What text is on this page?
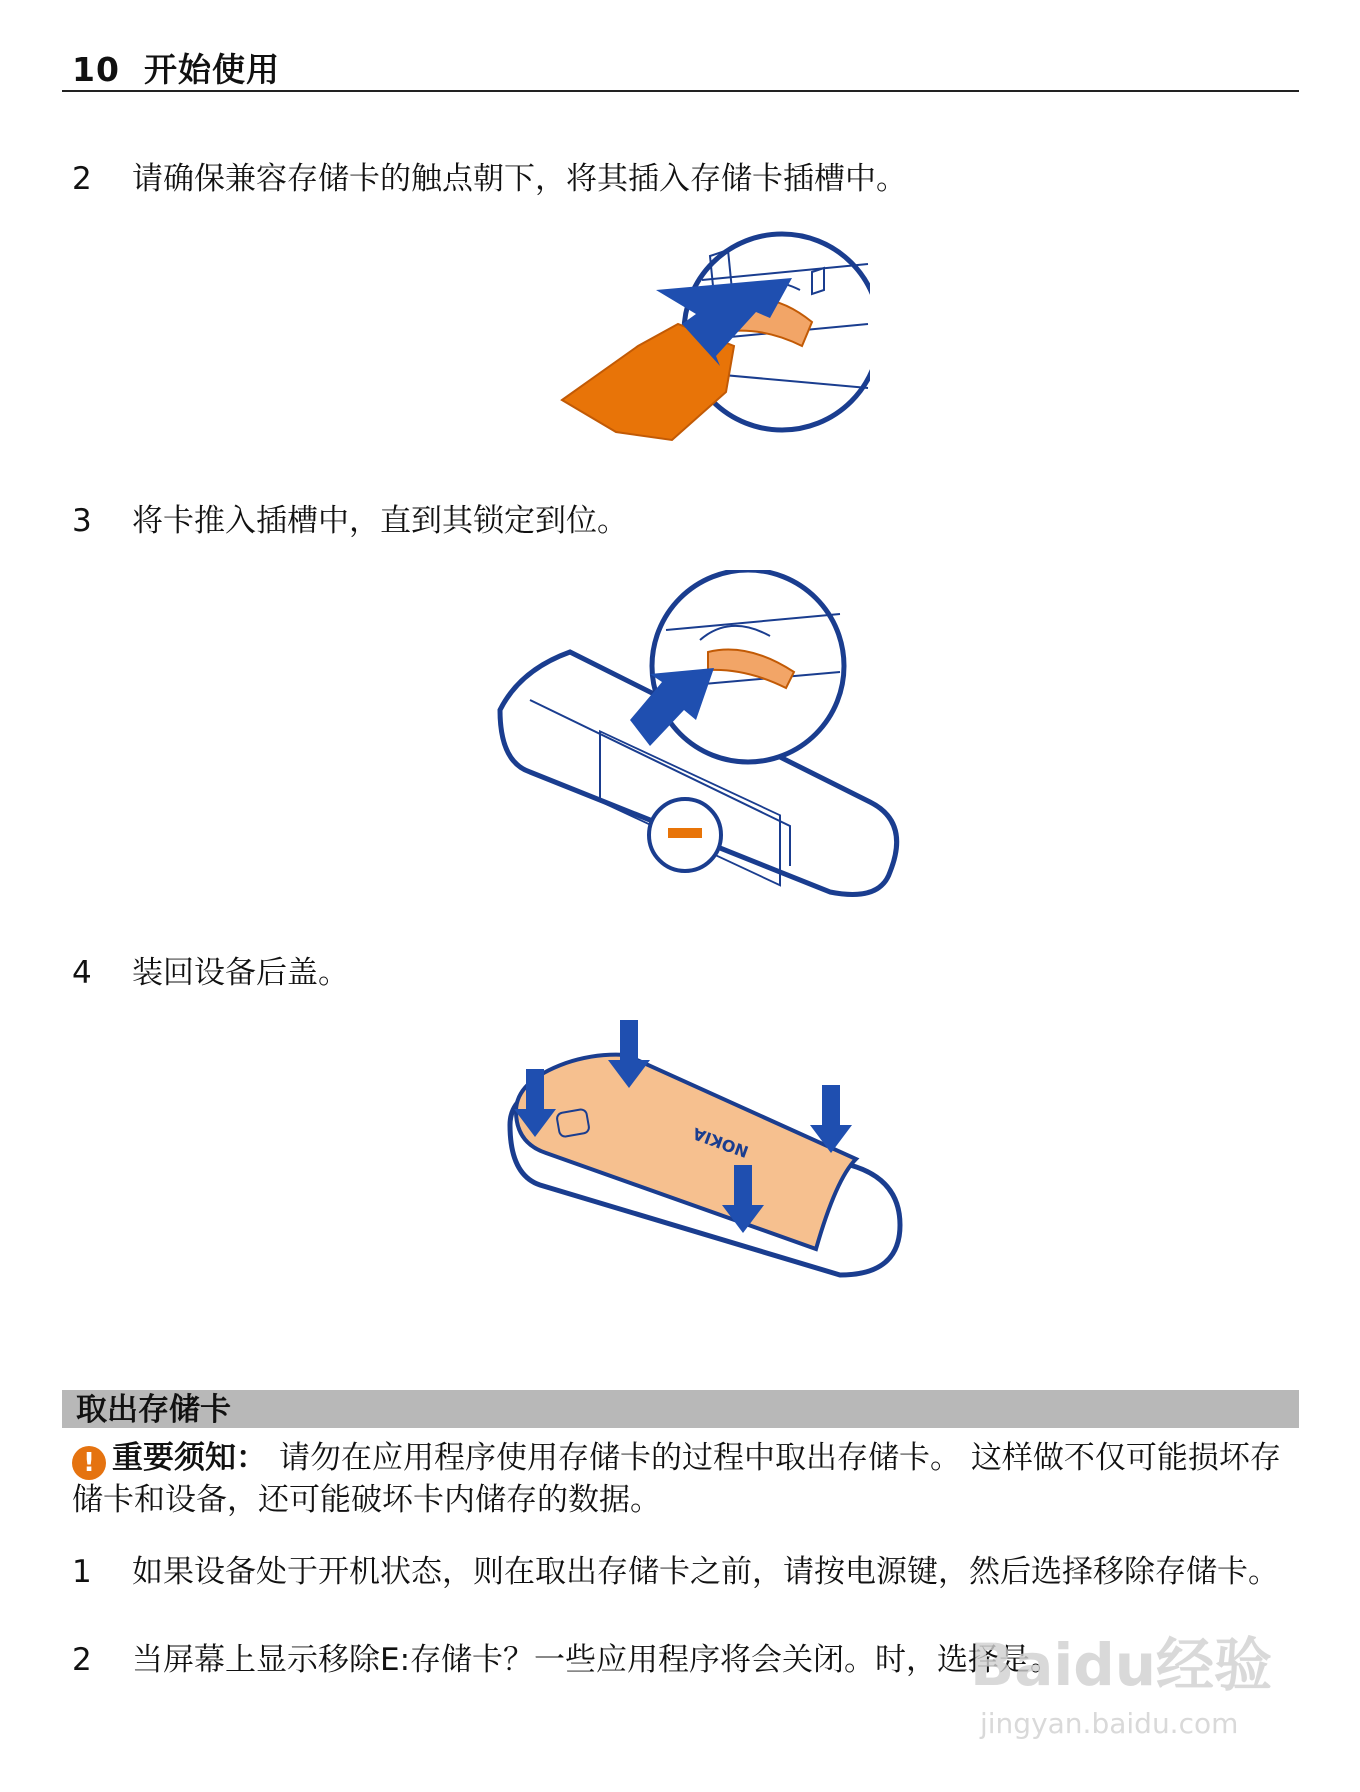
10 开始使用
2 请确保兼容存储卡的触点朝下，将其插入存储卡插槽中。
3 将卡推入插槽中，直到其锁定到位。
4 装回设备后盖。
NOKIA
取出存储卡
! 重要须知： 请勿在应用程序使用存储卡的过程中取出存储卡。 这样做不仅可能损坏存储卡和设备，还可能破坏卡内储存的数据。
1 如果设备处于开机状态，则在取出存储卡之前，请按电源键，然后选择移除存储卡。
2 当屏幕上显示移除E:存储卡？一些应用程序将会关闭。时，选择是。
Baidu经验
jingyan.baidu.com
